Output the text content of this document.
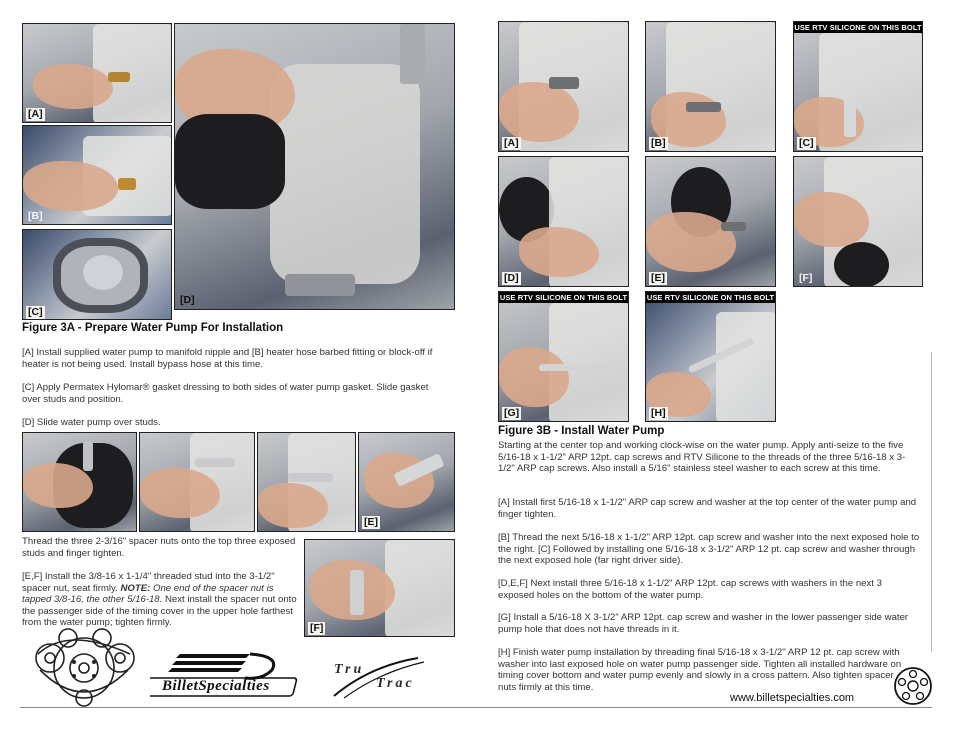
[A]
[B]
[C]
[D]
Figure 3A - Prepare Water Pump For Installation
[A] Install supplied water pump to manifold nipple and [B] heater hose barbed fitting or block-off if heater is not being used. Install bypass hose at this time.
[C] Apply Permatex Hylomar® gasket dressing to both sides of water pump gasket. Slide gasket over studs and position.
[D] Slide water pump over studs.
[E]
Thread the three 2-3/16" spacer nuts onto the top three exposed studs and finger tighten.
[E,F] Install the 3/8-16 x 1-1/4" threaded stud into the 3-1/2" spacer nut, seat firmly. NOTE: One end of the spacer nut is tapped 3/8-16, the other 5/16-18. Next install the spacer nut onto the passenger side of the timing cover in the upper hole farthest from the water pump; tighten firmly.	[F]
[A]	[B]
USE RTV SILICONE ON THIS BOLT
[C]
[D]	[E]	[F]
USE RTV SILICONE ON THIS BOLT
[G]
USE RTV SILICONE ON THIS BOLT
[H]
Figure 3B - Install Water Pump
Starting at the center top and working clock-wise on the water pump. Apply anti-seize to the five 5/16-18 x 1-1/2" ARP 12pt. cap screws and RTV Silicone to the threads of the three 5/16-18 x 3-1/2" ARP cap screws. Also install a 5/16" stainless steel washer to each screw at this time.
[A] Install first 5/16-18 x 1-1/2" ARP cap screw and washer at the top center of the water pump and finger tighten.
[B] Thread the next 5/16-18 x 1-1/2" ARP 12pt. cap screw and washer into the next exposed hole to the right. [C] Followed by installing one 5/16-18 x 3-1/2" ARP 12 pt. cap screw and washer through the next exposed hole (far right driver side).
[D,E,F] Next install three 5/16-18 x 1-1/2" ARP 12pt. cap screws with washers in the next 3 exposed holes on the bottom of the water pump.
[G] Install a 5/16-18 X 3-1/2" ARP 12pt. cap screw and washer in the lower passenger side water pump hole that does not have threads in it.
[H] Finish water pump installation by threading final 5/16-18 x 3-1/2" ARP 12 pt. cap screw with washer into last exposed hole on water pump passenger side. Tighten all installed hardware on timing cover bottom and water pump evenly and slowly in a cross pattern. Also tighten spacer nuts firmly at this time.
BilletSpecialties
Tru
Trac
www.billetspecialties.com
